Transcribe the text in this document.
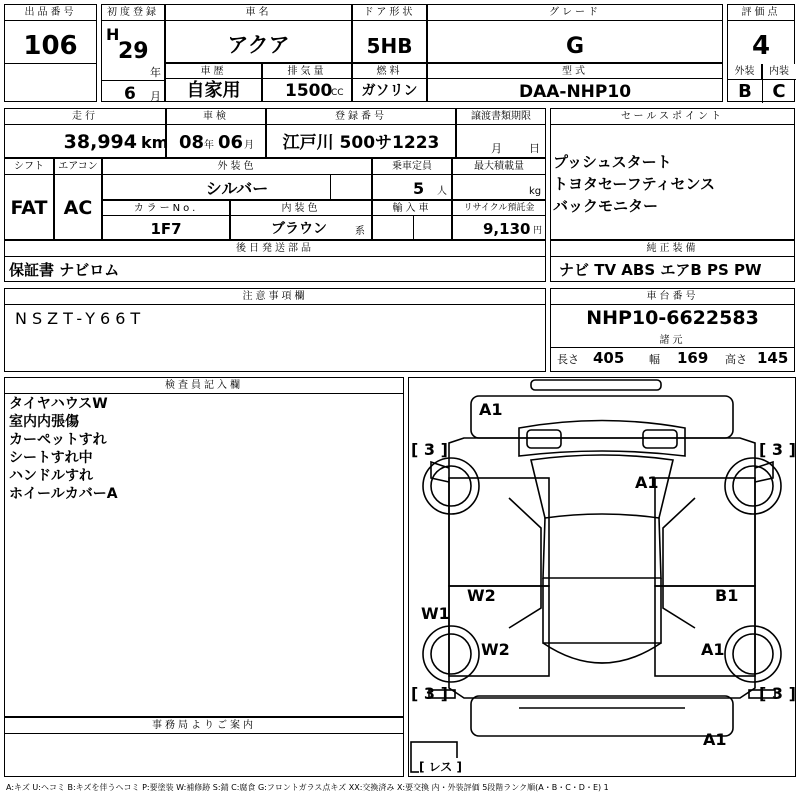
出品番号
106
初度登録
H
29
年
6 月
車名
アクア
ドア形状
5HB
グレード
G
評価点
4
外装	内装
B	C
車歴
自家用
排気量
1500
CC
燃料
ガソリン
型式
DAA-NHP10
走行
38,994 km
車検
08 年 06 月
登録番号
江戸川 500サ1223
譲渡書類期限
月 日
セールスポイント
プッシュスタート
トヨタセーフティセンス
バックモニター
シフト
FAT
エアコン
AC
外装色
シルバー
乗車定員
5 人
最大積載量
kg
カラーNo.
1F7
内装色
ブラウン	系
輸入車	リサイクル預託金
9,130 円
後日発送部品
保証書 ナビロム
純正装備
ナビ TV ABS エアB PS PW
注意事項欄
NSZT-Y66T
車台番号
NHP10-6622583
諸元
長さ 405 幅 169 高さ 145
検査員記入欄
タイヤハウスW
室内内張傷
カーペットすれ
シートすれ中
ハンドルすれ
ホイールカバーA
事務局よりご案内
[ 3 ]	[ 3 ]
[ 3 ]	[ 3 ]
[ レス ]
A1
A1
W2	B1
W1
W2	A1
A1
A:キズ U:ヘコミ B:キズを伴うヘコミ P:要塗装 W:補修跡 S:錆 C:腐食 G:フロントガラス点キズ XX:交換済み X:要交換 内・外装評価 5段階ランク順(A・B・C・D・E) 1
